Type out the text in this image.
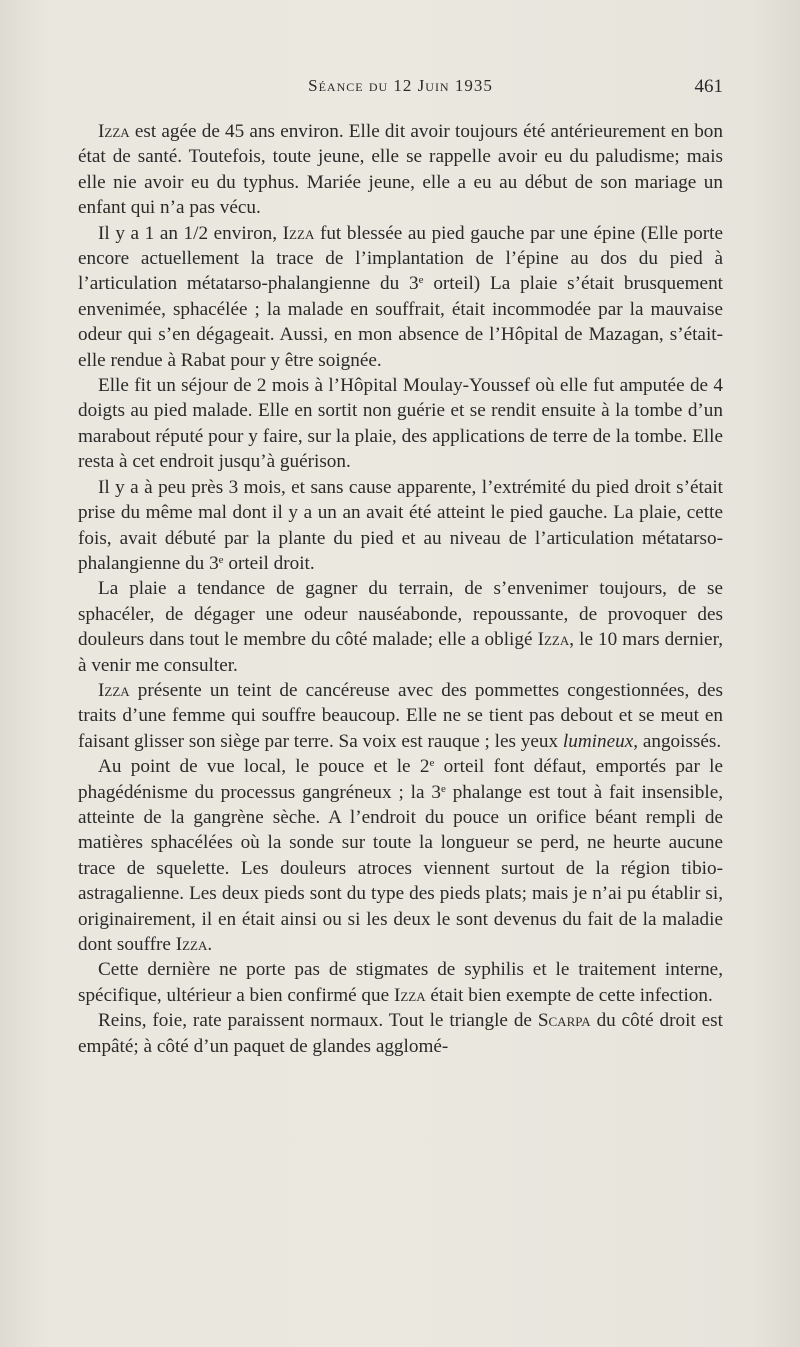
Séance du 12 Juin 1935	461

Izza est agée de 45 ans environ. Elle dit avoir toujours été antérieurement en bon état de santé. Toutefois, toute jeune, elle se rappelle avoir eu du paludisme; mais elle nie avoir eu du typhus. Mariée jeune, elle a eu au début de son mariage un enfant qui n’a pas vécu.

Il y a 1 an 1/2 environ, Izza fut blessée au pied gauche par une épine (Elle porte encore actuellement la trace de l’implantation de l’épine au dos du pied à l’articulation métatarso-phalangienne du 3e orteil) La plaie s’était brusquement envenimée, sphacélée ; la malade en souffrait, était incommodée par la mauvaise odeur qui s’en dégageait. Aussi, en mon absence de l’Hôpital de Mazagan, s’était-elle rendue à Rabat pour y être soignée.

Elle fit un séjour de 2 mois à l’Hôpital Moulay-Youssef où elle fut amputée de 4 doigts au pied malade. Elle en sortit non guérie et se rendit ensuite à la tombe d’un marabout réputé pour y faire, sur la plaie, des applications de terre de la tombe. Elle resta à cet endroit jusqu’à guérison.

Il y a à peu près 3 mois, et sans cause apparente, l’extrémité du pied droit s’était prise du même mal dont il y a un an avait été atteint le pied gauche. La plaie, cette fois, avait débuté par la plante du pied et au niveau de l’articulation métatarso-phalangienne du 3e orteil droit.

La plaie a tendance de gagner du terrain, de s’envenimer toujours, de se sphacéler, de dégager une odeur nauséabonde, repoussante, de provoquer des douleurs dans tout le membre du côté malade; elle a obligé Izza, le 10 mars dernier, à venir me consulter.

Izza présente un teint de cancéreuse avec des pommettes congestionnées, des traits d’une femme qui souffre beaucoup. Elle ne se tient pas debout et se meut en faisant glisser son siège par terre. Sa voix est rauque ; les yeux lumineux, angoissés.

Au point de vue local, le pouce et le 2e orteil font défaut, emportés par le phagédénisme du processus gangréneux ; la 3e phalange est tout à fait insensible, atteinte de la gangrène sèche. A l’endroit du pouce un orifice béant rempli de matières sphacélées où la sonde sur toute la longueur se perd, ne heurte aucune trace de squelette. Les douleurs atroces viennent surtout de la région tibio-astragalienne. Les deux pieds sont du type des pieds plats; mais je n’ai pu établir si, originairement, il en était ainsi ou si les deux le sont devenus du fait de la maladie dont souffre Izza.

Cette dernière ne porte pas de stigmates de syphilis et le traitement interne, spécifique, ultérieur a bien confirmé que Izza était bien exempte de cette infection.

Reins, foie, rate paraissent normaux. Tout le triangle de Scarpa du côté droit est empâté; à côté d’un paquet de glandes agglomé-
